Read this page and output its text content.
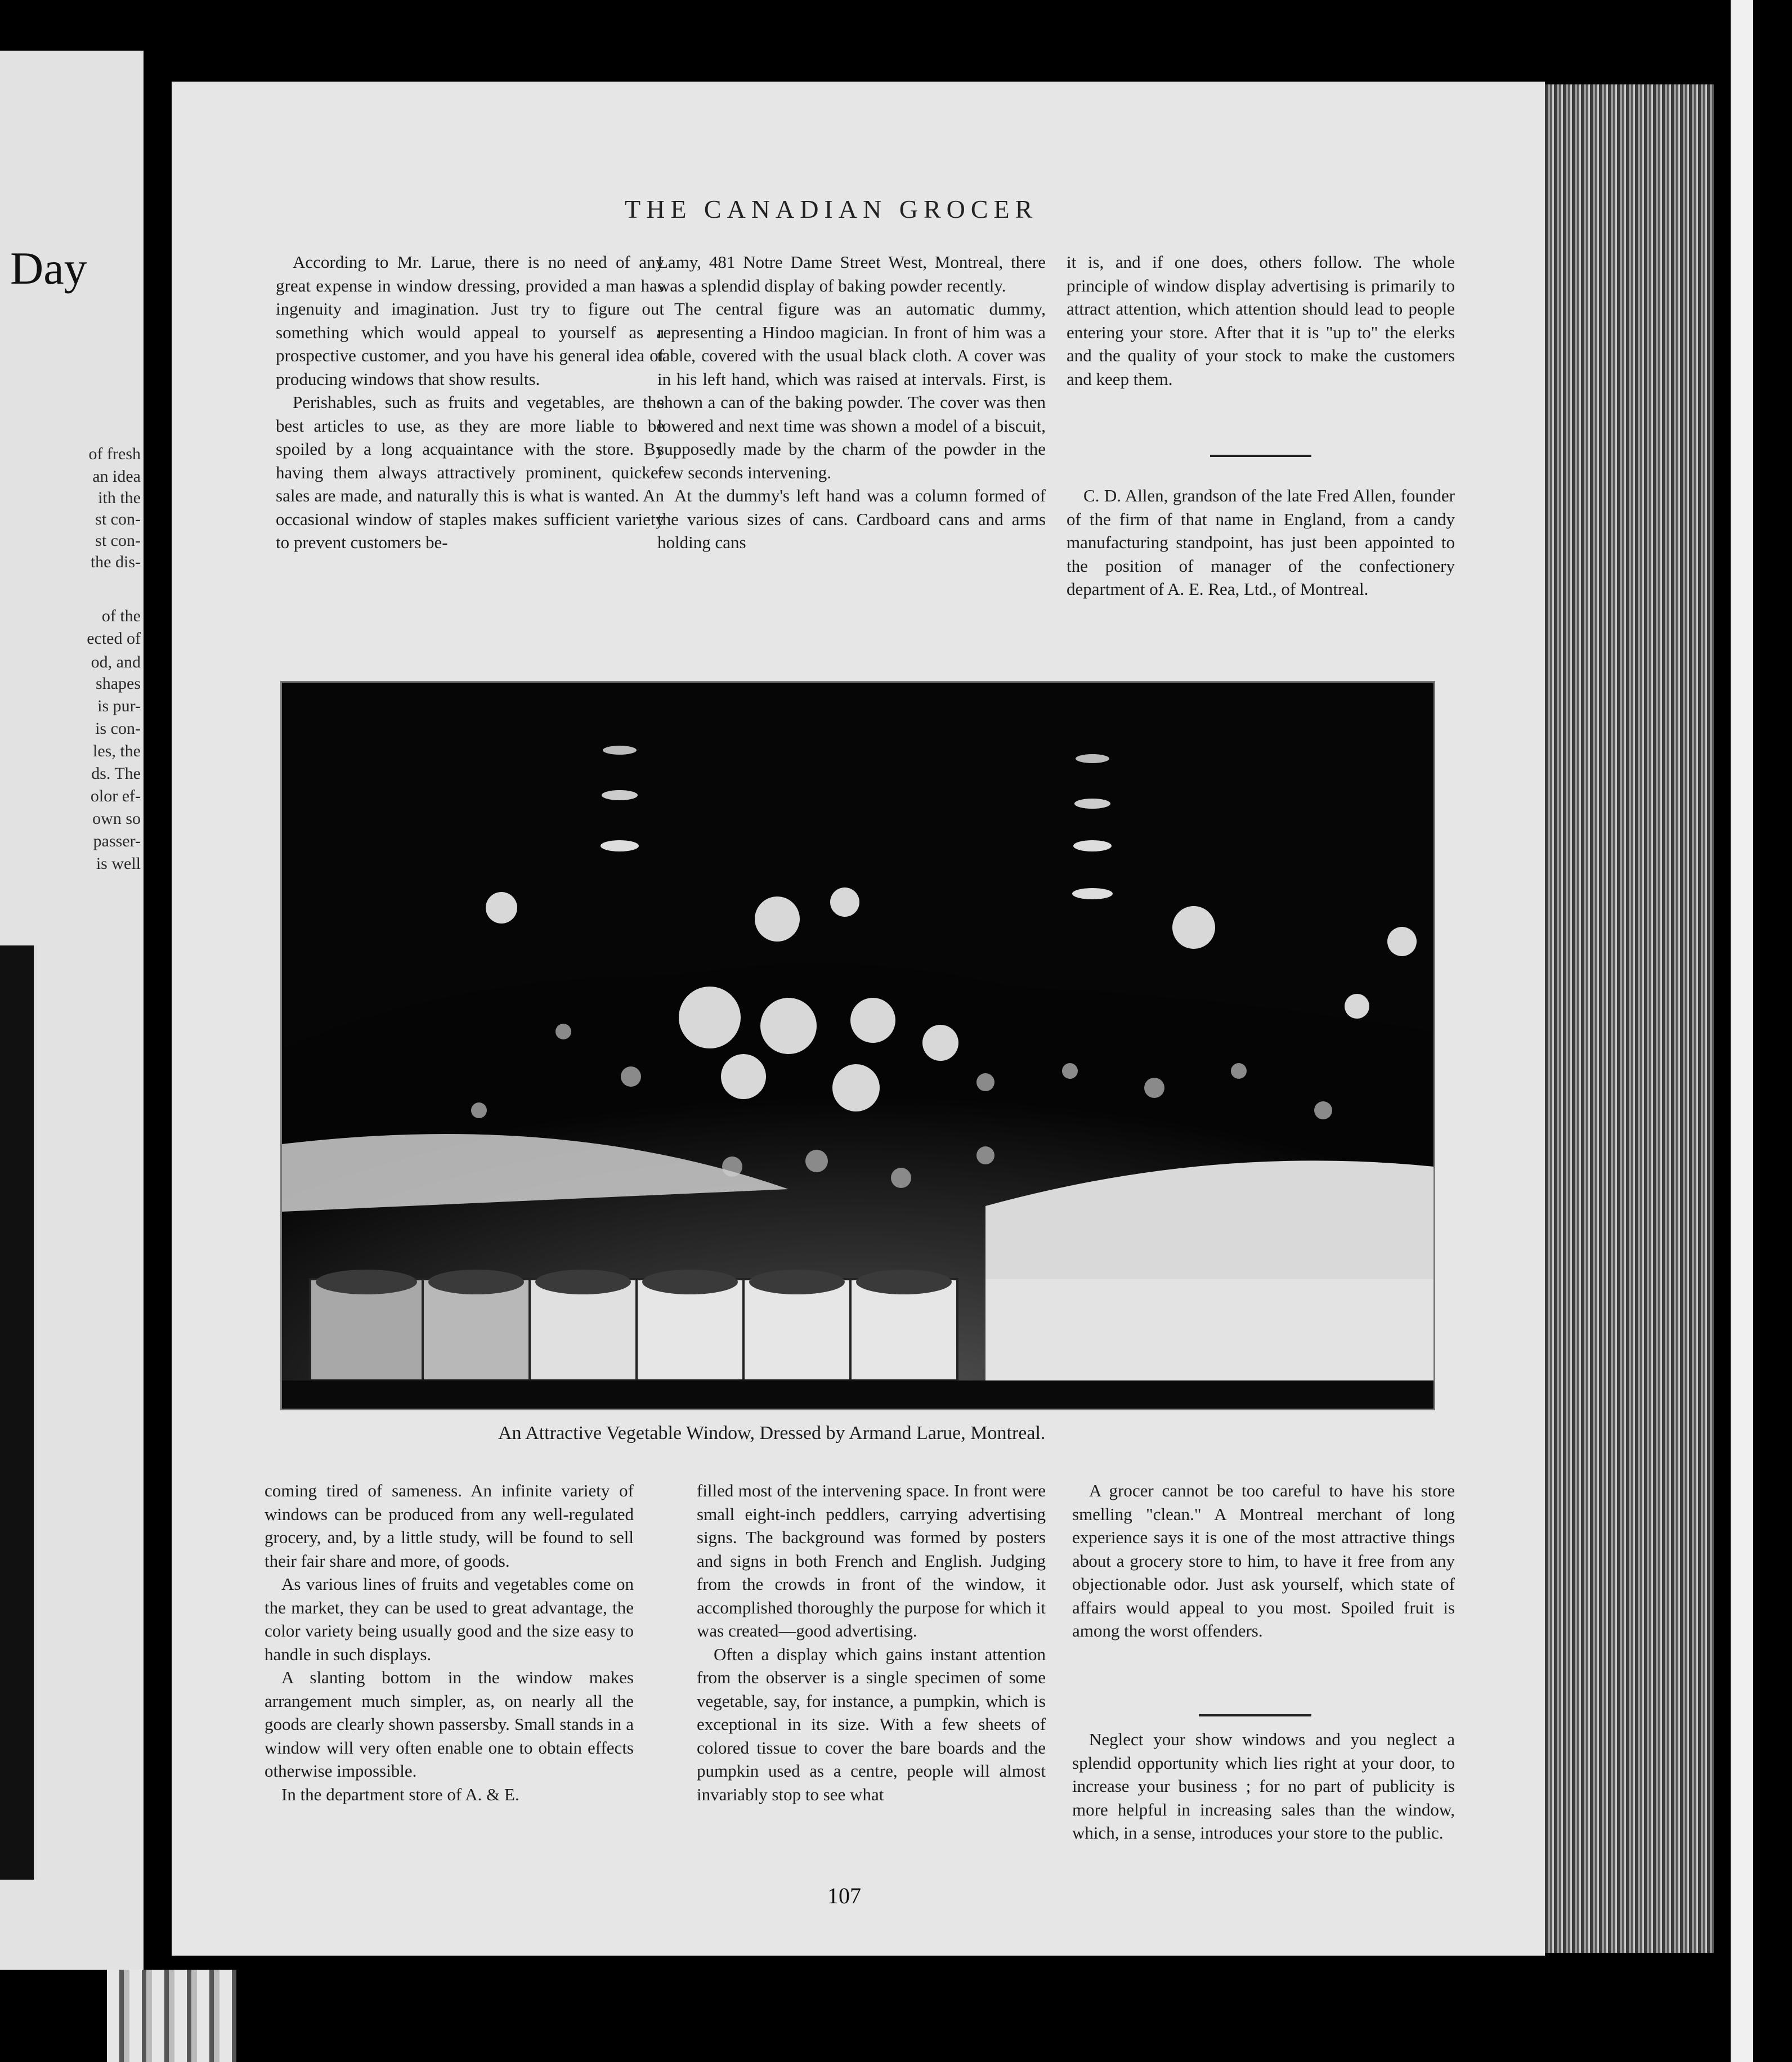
Day
of fresh
an idea
ith the
st con-
st con-
the dis-
of the
ected of
od, and
shapes
is pur-
is con-
les, the
ds. The
olor ef-
own so
passer-
is well
THE CANADIAN GROCER

According to Mr. Larue, there is no need of any great expense in window dressing, provided a man has ingenuity and imagination. Just try to figure out something which would appeal to yourself as a prospective customer, and you have his general idea of producing windows that show results.

Perishables, such as fruits and vegetables, are the best articles to use, as they are more liable to be spoiled by a long acquaintance with the store. By having them always attractively prominent, quicker sales are made, and naturally this is what is wanted. An occasional window of staples makes sufficient variety to prevent customers be-

Lamy, 481 Notre Dame Street West, Montreal, there was a splendid display of baking powder recently.

The central figure was an automatic dummy, representing a Hindoo magician. In front of him was a table, covered with the usual black cloth. A cover was in his left hand, which was raised at intervals. First, is shown a can of the baking powder. The cover was then lowered and next time was shown a model of a biscuit, supposedly made by the charm of the powder in the few seconds intervening.

At the dummy's left hand was a column formed of the various sizes of cans. Cardboard cans and arms holding cans

it is, and if one does, others follow. The whole principle of window display advertising is primarily to attract attention, which attention should lead to people entering your store. After that it is "up to" the elerks and the quality of your stock to make the customers and keep them.

C. D. Allen, grandson of the late Fred Allen, founder of the firm of that name in England, from a candy manufacturing standpoint, has just been appointed to the position of manager of the confectionery department of A. E. Rea, Ltd., of Montreal.

An Attractive Vegetable Window, Dressed by Armand Larue, Montreal.

coming tired of sameness. An infinite variety of windows can be produced from any well-regulated grocery, and, by a little study, will be found to sell their fair share and more, of goods.

As various lines of fruits and vegetables come on the market, they can be used to great advantage, the color variety being usually good and the size easy to handle in such displays.

A slanting bottom in the window makes arrangement much simpler, as, on nearly all the goods are clearly shown passersby. Small stands in a window will very often enable one to obtain effects otherwise impossible.

In the department store of A. & E.

filled most of the intervening space. In front were small eight-inch peddlers, carrying advertising signs. The background was formed by posters and signs in both French and English. Judging from the crowds in front of the window, it accomplished thoroughly the purpose for which it was created—good advertising.

Often a display which gains instant attention from the observer is a single specimen of some vegetable, say, for instance, a pumpkin, which is exceptional in its size. With a few sheets of colored tissue to cover the bare boards and the pumpkin used as a centre, people will almost invariably stop to see what

A grocer cannot be too careful to have his store smelling "clean." A Montreal merchant of long experience says it is one of the most attractive things about a grocery store to him, to have it free from any objectionable odor. Just ask yourself, which state of affairs would appeal to you most. Spoiled fruit is among the worst offenders.

Neglect your show windows and you neglect a splendid opportunity which lies right at your door, to increase your business ; for no part of publicity is more helpful in increasing sales than the window, which, in a sense, introduces your store to the public.

107
